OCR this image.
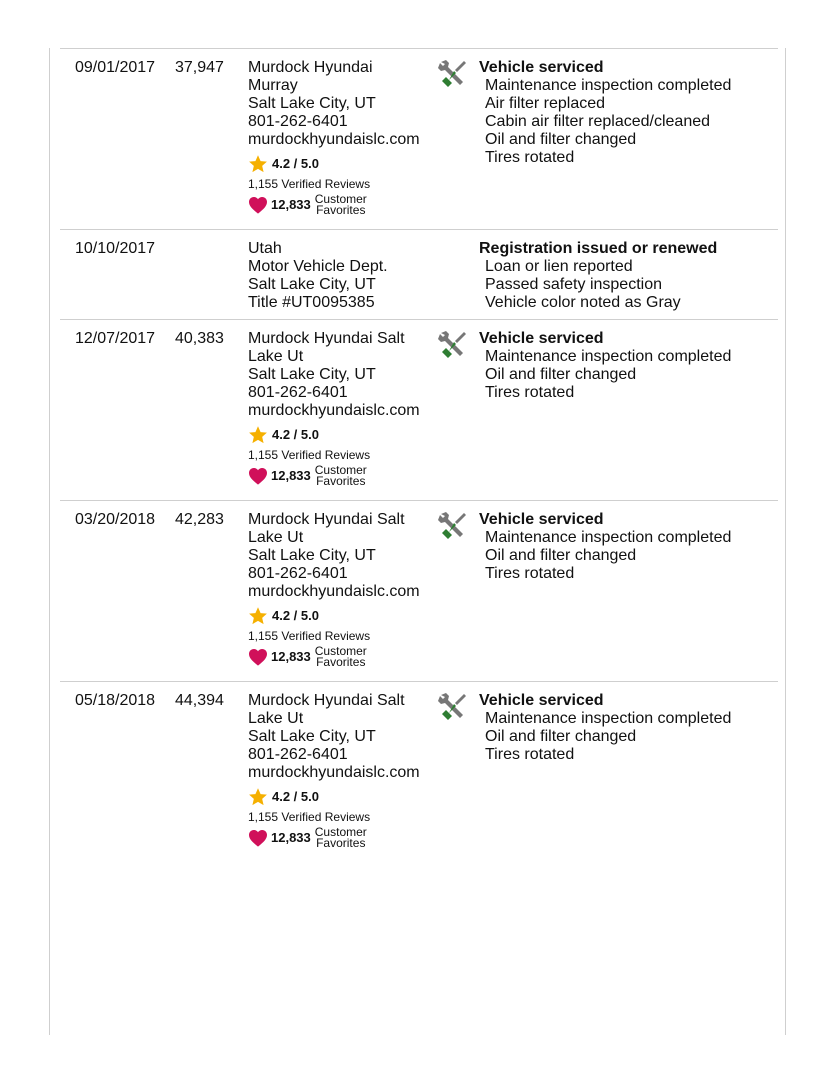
09/01/2017 37,947 Murdock Hyundai
Murray
Salt Lake City, UT
801-262-6401
murdockhyundaislc.com
4.2 / 5.0
1,155 Verified Reviews
12,833 Customer
Favorites
Vehicle serviced
Maintenance inspection completed
Air filter replaced
Cabin air filter replaced/cleaned
Oil and filter changed
Tires rotated
10/10/2017	Utah
Motor Vehicle Dept.
Salt Lake City, UT
Title #UT0095385
Registration issued or renewed
Loan or lien reported
Passed safety inspection
Vehicle color noted as Gray
12/07/2017 40,383 Murdock Hyundai Salt Lake Ut
Salt Lake City, UT
801-262-6401
murdockhyundaislc.com
4.2 / 5.0
1,155 Verified Reviews
12,833 Customer
Favorites
Vehicle serviced
Maintenance inspection completed
Oil and filter changed
Tires rotated
03/20/2018 42,283 Murdock Hyundai Salt Lake Ut
Salt Lake City, UT
801-262-6401
murdockhyundaislc.com
4.2 / 5.0
1,155 Verified Reviews
12,833 Customer
Favorites
Vehicle serviced
Maintenance inspection completed
Oil and filter changed
Tires rotated
05/18/2018 44,394 Murdock Hyundai Salt Lake Ut
Salt Lake City, UT
801-262-6401
murdockhyundaislc.com
4.2 / 5.0
1,155 Verified Reviews
12,833 Customer
Favorites
Vehicle serviced
Maintenance inspection completed
Oil and filter changed
Tires rotated
